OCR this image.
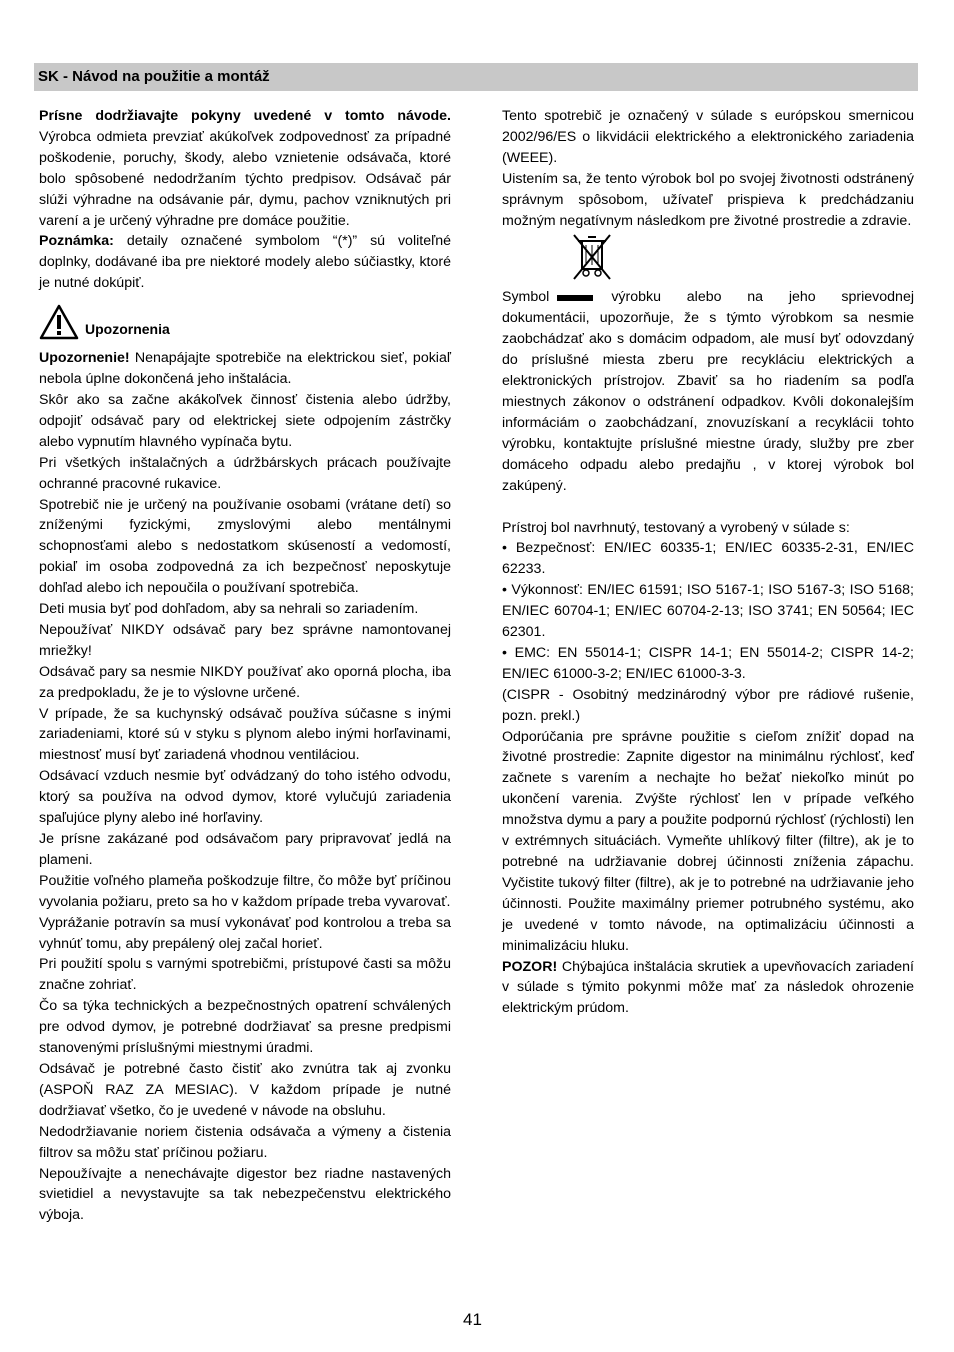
SK - Návod na použitie a montáž

Prísne dodržiavajte pokyny uvedené v tomto návode. Výrobca odmieta prevziať akúkoľvek zodpovednosť za prípadné poškodenie, poruchy, škody, alebo vznietenie odsávača, ktoré bolo spôsobené nedodržaním týchto predpisov. Odsávač pár slúži výhradne na odsávanie pár, dymu, pachov vzniknutých pri varení a je určený výhradne pre domáce použitie.

Poznámka: detaily označené symbolom “(*)” sú voliteľné doplnky, dodávané iba pre niektoré modely alebo súčiastky, ktoré je nutné dokúpiť.

Upozornenia

Upozornenie! Nenapájajte spotrebiče na elektrickou sieť, pokiaľ nebola úplne dokončená jeho inštalácia.

Skôr ako sa začne akákoľvek činnosť čistenia alebo údržby, odpojiť odsávač pary od elektrickej siete odpojením zástrčky alebo vypnutím hlavného vypínača bytu.

Pri všetkých inštalačných a údržbárskych prácach používajte ochranné pracovné rukavice.

Spotrebič nie je určený na používanie osobami (vrátane detí) so zníženými fyzickými, zmyslovými alebo mentálnymi schopnosťami alebo s nedostatkom skúseností a vedomostí, pokiaľ im osoba zodpovedná za ich bezpečnosť neposkytuje dohľad alebo ich nepoučila o používaní spotrebiča.

Deti musia byť pod dohľadom, aby sa nehrali so zariadením.

Nepoužívať NIKDY odsávač pary bez správne namontovanej mriežky!

Odsávač pary sa nesmie NIKDY používať ako oporná plocha, iba za predpokladu, že je to výslovne určené.

V prípade, že sa kuchynský odsávač používa súčasne s inými zariadeniami, ktoré sú v styku s plynom alebo inými horľavinami, miestnosť musí byť zariadená vhodnou ventiláciou.

Odsávací vzduch nesmie byť odvádzaný do toho istého odvodu, ktorý sa používa na odvod dymov, ktoré vylučujú zariadenia spaľujúce plyny alebo iné horľaviny.

Je prísne zakázané pod odsávačom pary pripravovať jedlá na plameni.

Použitie voľného plameňa poškodzuje filtre, čo môže byť príčinou vyvolania požiaru, preto sa ho v každom prípade treba vyvarovať.

Vyprážanie potravín sa musí vykonávať pod kontrolou a treba sa vyhnúť tomu, aby prepálený olej začal horieť.

Pri použití spolu s varnými spotrebičmi, prístupové časti sa môžu značne zohriať.

Čo sa týka technických a bezpečnostných opatrení schválených pre odvod dymov, je potrebné dodržiavať sa presne predpismi stanovenými príslušnými miestnymi úradmi.

Odsávač je potrebné často čistiť ako zvnútra tak aj zvonku (ASPOŇ RAZ ZA MESIAC). V každom prípade je nutné dodržiavať všetko, čo je uvedené v návode na obsluhu.

Nedodržiavanie noriem čistenia odsávača a výmeny a čistenia filtrov sa môžu stať príčinou požiaru.

Nepoužívajte a nenechávajte digestor bez riadne nastavených svietidiel a nevystavujte sa tak nebezpečenstvu elektrického výboja.

Tento spotrebič je označený v súlade s európskou smernicou 2002/96/ES o likvidácii elektrického a elektronického zariadenia (WEEE).

Uistením sa, že tento výrobok bol po svojej životnosti odstránený správnym spôsobom, užívateľ prispieva k predchádzaniu možným negatívnym následkom pre životné prostredie a zdravie.

Symbol	výrobku alebo na jeho sprievodnej dokumentácii, upozorňuje, že s týmto výrobkom sa nesmie zaobchádzať ako s domácim odpadom, ale musí byť odovzdaný do príslušné miesta zberu pre recykláciu elektrických a elektronických prístrojov. Zbaviť sa ho riadením sa podľa miestnych zákonov o odstránení odpadkov. Kvôli dokonalejším informáciám o zaobchádzaní, znovuzískaní a recyklácii tohto výrobku, kontaktujte príslušné miestne úrady, služby pre zber domáceho odpadu alebo predajňu , v ktorej výrobok bol zakúpený.

Prístroj bol navrhnutý, testovaný a vyrobený v súlade s:

• Bezpečnosť: EN/IEC 60335-1; EN/IEC 60335-2-31, EN/IEC 62233.

• Výkonnosť: EN/IEC 61591; ISO 5167-1; ISO 5167-3; ISO 5168; EN/IEC 60704-1; EN/IEC 60704-2-13; ISO 3741; EN 50564; IEC 62301.

• EMC: EN 55014-1; CISPR 14-1; EN 55014-2; CISPR 14-2; EN/IEC 61000-3-2; EN/IEC 61000-3-3.

(CISPR - Osobitný medzinárodný výbor pre rádiové rušenie, pozn. prekl.)

Odporúčania pre správne použitie s cieľom znížiť dopad na životné prostredie: Zapnite digestor na minimálnu rýchlosť, keď začnete s varením a nechajte ho bežať niekoľko minút po ukončení varenia. Zvýšte rýchlosť len v prípade veľkého množstva dymu a pary a použite podpornú rýchlosť (rýchlosti) len v extrémnych situáciách. Vymeňte uhlíkový filter (filtre), ak je to potrebné na udržiavanie dobrej účinnosti zníženia zápachu. Vyčistite tukový filter (filtre), ak je to potrebné na udržiavanie jeho účinnosti. Použite maximálny priemer potrubného systému, ako je uvedené v tomto návode, na optimalizáciu účinnosti a minimalizáciu hluku.

POZOR! Chýbajúca inštalácia skrutiek a upevňovacích zariadení v súlade s týmito pokynmi môže mať za následok ohrozenie elektrickým prúdom.

41
